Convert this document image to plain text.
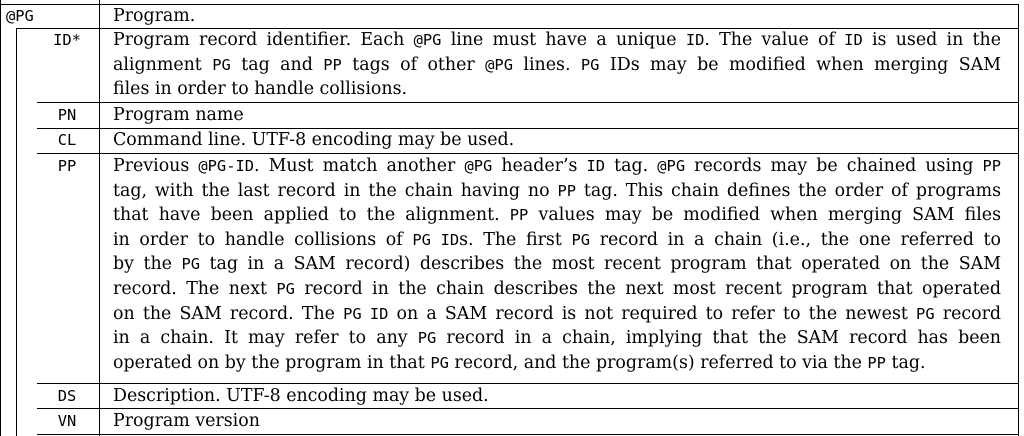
@PG	Program.
ID*	Program record identifier. Each @PG line must have a unique ID. The value of ID is used in the
alignment PG tag and PP tags of other @PG lines. PG IDs may be modified when merging SAM
files in order to handle collisions.
PN	Program name
CL	Command line. UTF-8 encoding may be used.
PP	Previous @PG-ID. Must match another @PG header’s ID tag. @PG records may be chained using PP
tag, with the last record in the chain having no PP tag. This chain defines the order of programs
that have been applied to the alignment. PP values may be modified when merging SAM files
in order to handle collisions of PG IDs. The first PG record in a chain (i.e., the one referred to
by the PG tag in a SAM record) describes the most recent program that operated on the SAM
record. The next PG record in the chain describes the next most recent program that operated
on the SAM record. The PG ID on a SAM record is not required to refer to the newest PG record
in a chain. It may refer to any PG record in a chain, implying that the SAM record has been
operated on by the program in that PG record, and the program(s) referred to via the PP tag.
DS	Description. UTF-8 encoding may be used.
VN	Program version
